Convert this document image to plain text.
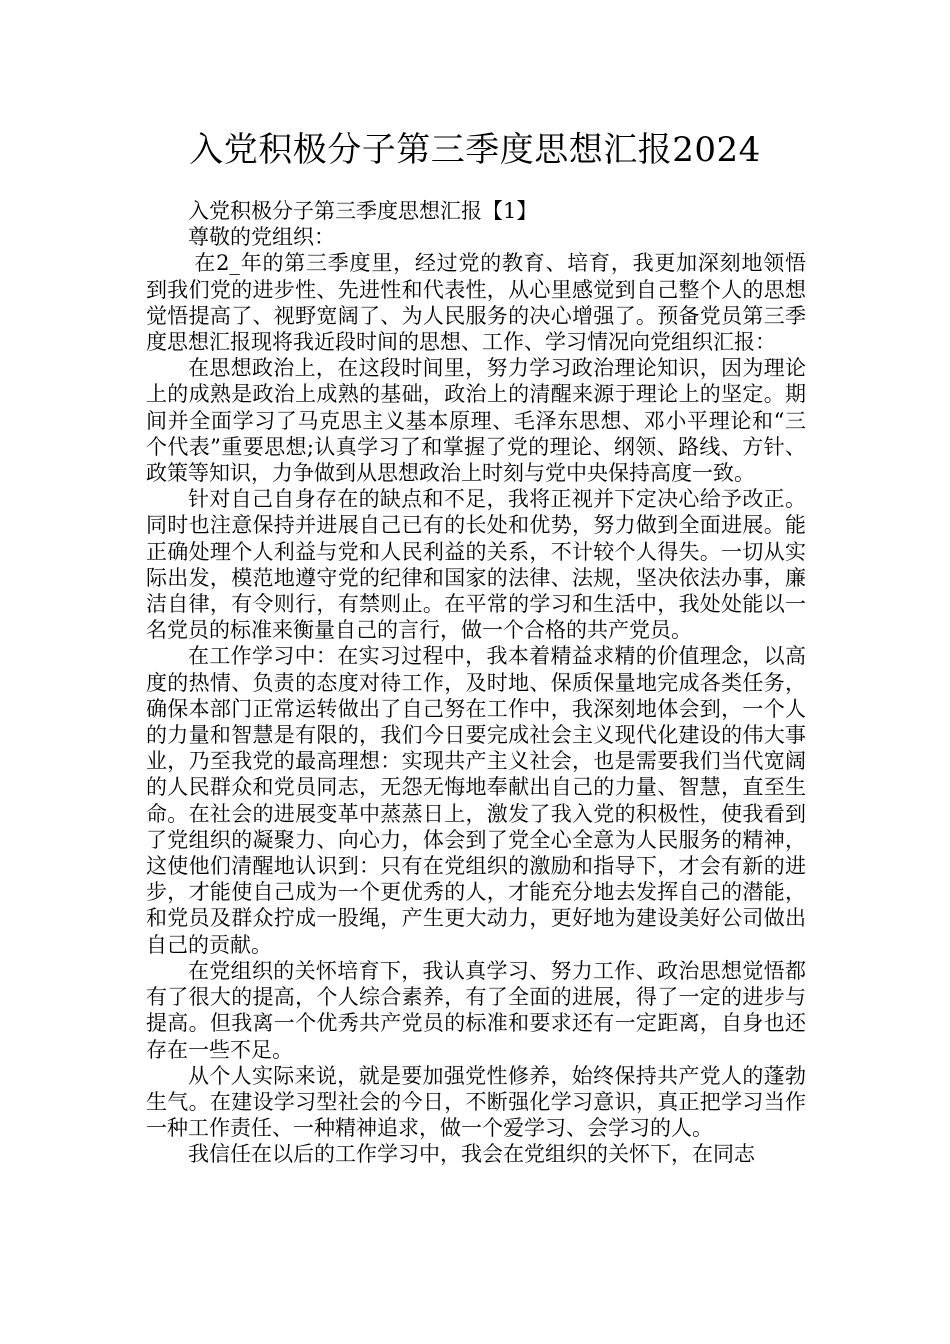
入党积极分子第三季度思想汇报2024

入党积极分子第三季度思想汇报【1】

尊敬的党组织：

在2_年的第三季度里，经过党的教育、培育，我更加深刻地领悟到我们党的进步性、先进性和代表性，从心里感觉到自己整个人的思想觉悟提高了、视野宽阔了、为人民服务的决心增强了。预备党员第三季度思想汇报现将我近段时间的思想、工作、学习情况向党组织汇报：

在思想政治上，在这段时间里，努力学习政治理论知识，因为理论上的成熟是政治上成熟的基础，政治上的清醒来源于理论上的坚定。期间并全面学习了马克思主义基本原理、毛泽东思想、邓小平理论和“三个代表”重要思想;认真学习了和掌握了党的理论、纲领、路线、方针、政策等知识，力争做到从思想政治上时刻与党中央保持高度一致。

针对自己自身存在的缺点和不足，我将正视并下定决心给予改正。同时也注意保持并进展自己已有的长处和优势，努力做到全面进展。能正确处理个人利益与党和人民利益的关系，不计较个人得失。一切从实际出发，模范地遵守党的纪律和国家的法律、法规，坚决依法办事，廉洁自律，有令则行，有禁则止。在平常的学习和生活中，我处处能以一名党员的标准来衡量自己的言行，做一个合格的共产党员。

在工作学习中：在实习过程中，我本着精益求精的价值理念，以高度的热情、负责的态度对待工作，及时地、保质保量地完成各类任务，确保本部门正常运转做出了自己努在工作中，我深刻地体会到，一个人的力量和智慧是有限的，我们今日要完成社会主义现代化建设的伟大事业，乃至我党的最高理想：实现共产主义社会，也是需要我们当代宽阔的人民群众和党员同志，无怨无悔地奉献出自己的力量、智慧，直至生命。在社会的进展变革中蒸蒸日上，激发了我入党的积极性，使我看到了党组织的凝聚力、向心力，体会到了党全心全意为人民服务的精神，这使他们清醒地认识到：只有在党组织的激励和指导下，才会有新的进步，才能使自己成为一个更优秀的人，才能充分地去发挥自己的潜能，和党员及群众拧成一股绳，产生更大动力，更好地为建设美好公司做出自己的贡献。

在党组织的关怀培育下，我认真学习、努力工作、政治思想觉悟都有了很大的提高，个人综合素养，有了全面的进展，得了一定的进步与提高。但我离一个优秀共产党员的标准和要求还有一定距离，自身也还存在一些不足。

从个人实际来说，就是要加强党性修养，始终保持共产党人的蓬勃生气。在建设学习型社会的今日，不断强化学习意识，真正把学习当作一种工作责任、一种精神追求，做一个爱学习、会学习的人。

我信任在以后的工作学习中，我会在党组织的关怀下，在同志
